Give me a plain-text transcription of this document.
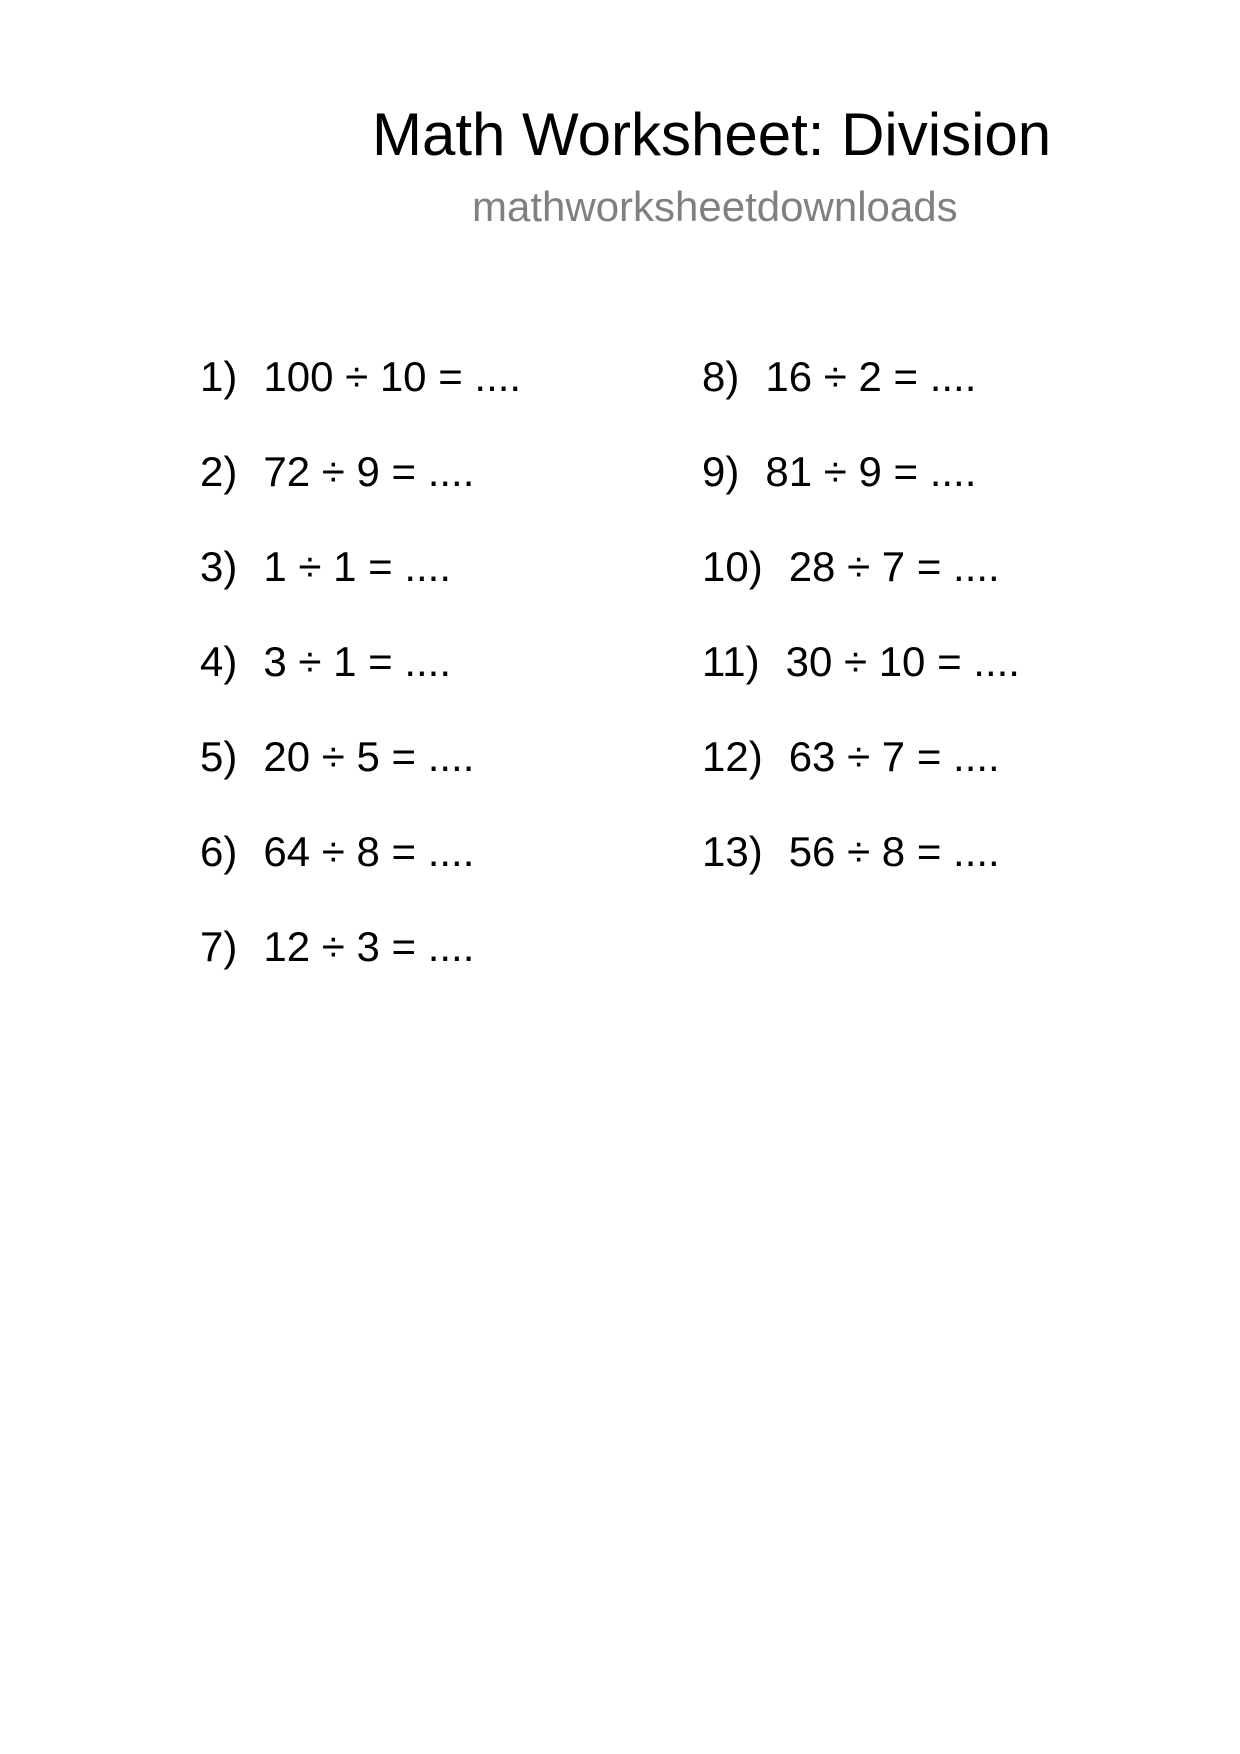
Math Worksheet: Division
mathworksheetdownloads
1) 100 ÷ 10 = ....
2) 72 ÷ 9 = ....
3) 1 ÷ 1 = ....
4) 3 ÷ 1 = ....
5) 20 ÷ 5 = ....
6) 64 ÷ 8 = ....
7) 12 ÷ 3 = ....
8) 16 ÷ 2 = ....
9) 81 ÷ 9 = ....
10) 28 ÷ 7 = ....
11) 30 ÷ 10 = ....
12) 63 ÷ 7 = ....
13) 56 ÷ 8 = ....
